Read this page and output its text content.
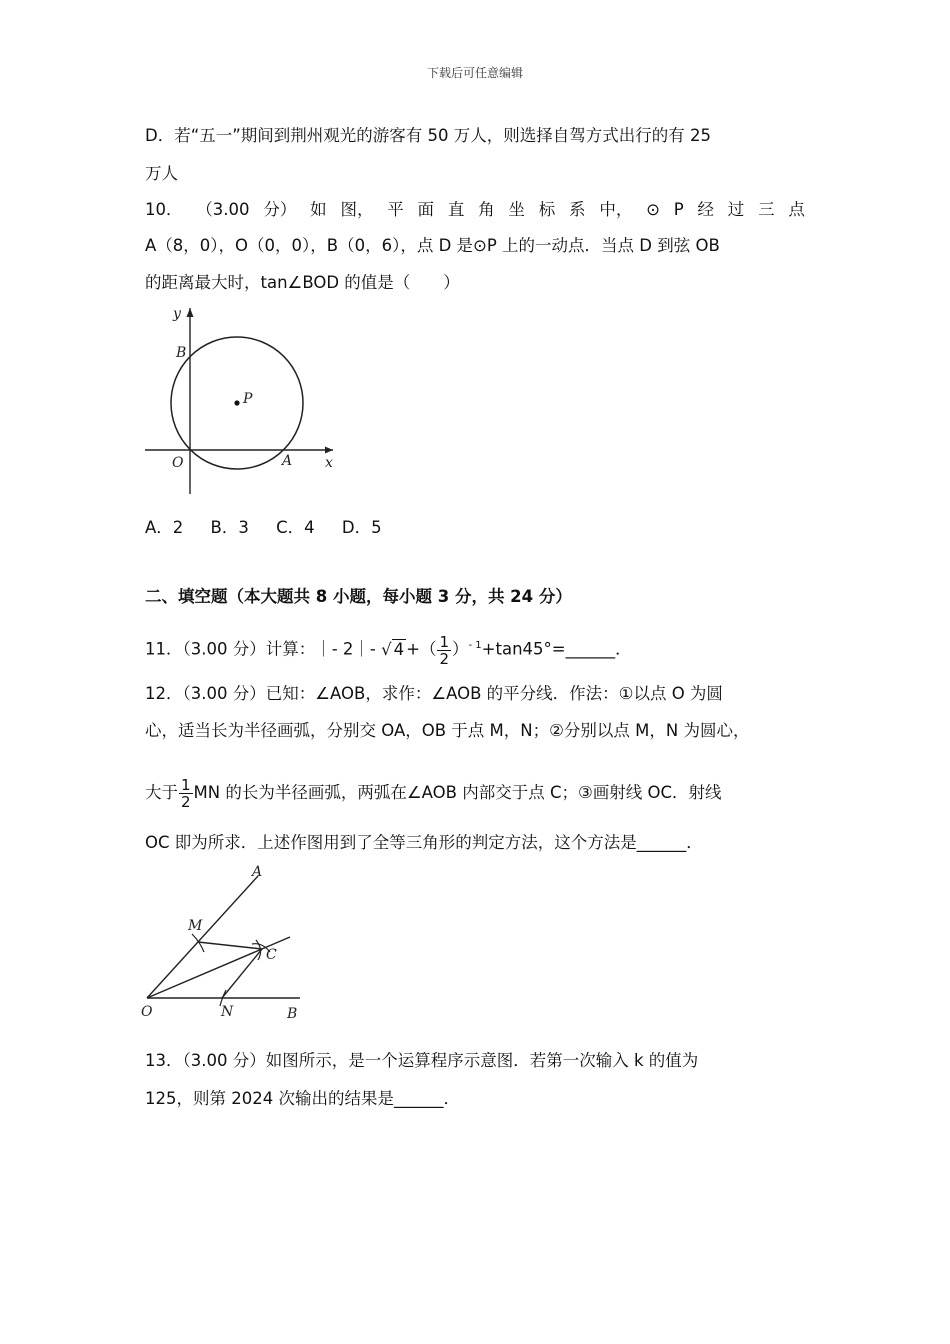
下载后可任意编辑
D．若“五一”期间到荆州观光的游客有 50 万人，则选择自驾方式出行的有 25
万人
10． （3.00 分） 如 图， 平 面 直 角 坐 标 系 中， ⊙ P 经 过 三 点
A（8，0），O（0，0），B（0，6），点 D 是⊙P 上的一动点．当点 D 到弦 OB
的距离最大时，tan∠BOD 的值是（　　）
y
B
P
O	A x
A．2 B．3 C．4 D．5
二、填空题（本大题共 8 小题，每小题 3 分，共 24 分）
11．（3.00 分）计算：｜- 2｜- √ 4 +（ $\frac{1}{2}$ ）$^{- 1}$+tan45°=______．
12．（3.00 分）已知：∠AOB，求作：∠AOB 的平分线．作法：①以点 O 为圆
心，适当长为半径画弧，分别交 OA，OB 于点 M，N；②分别以点 M，N 为圆心，
大于 $\frac{1}{2}$ MN 的长为半径画弧，两弧在∠AOB 内部交于点 C；③画射线 OC．射线
OC 即为所求．上述作图用到了全等三角形的判定方法，这个方法是______．
A
M
C
O	N	B
13．（3.00 分）如图所示，是一个运算程序示意图．若第一次输入 k 的值为
125，则第 2024 次输出的结果是______．
